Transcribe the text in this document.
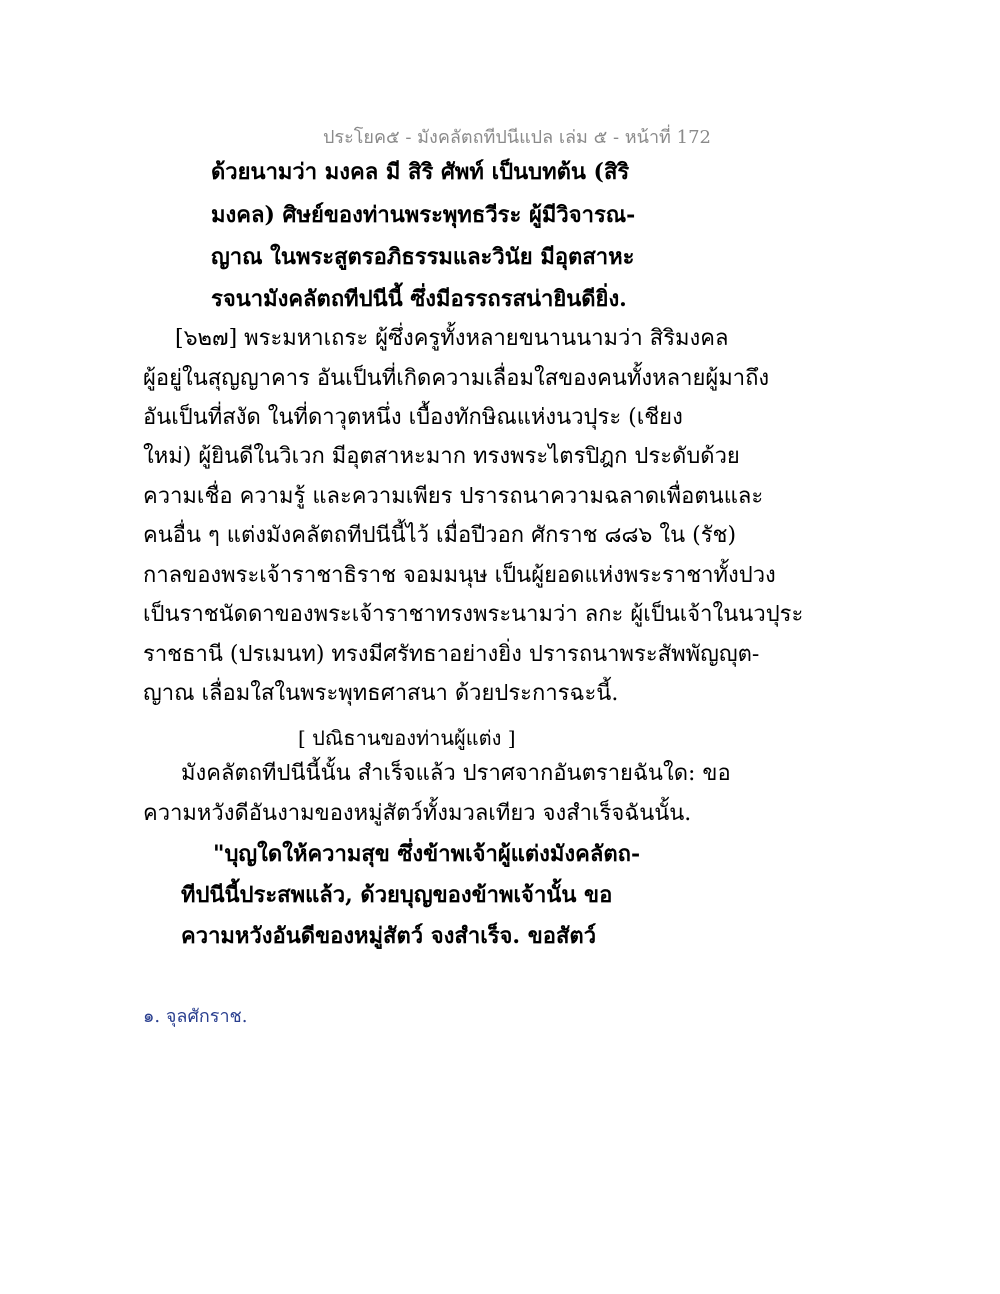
ประโยค๕ - มังคลัตถทีปนีแปล เล่ม ๕ - หน้าที่ 172
ด้วยนามว่า มงคล มี สิริ ศัพท์ เป็นบทต้น (สิริ
มงคล) ศิษย์ของท่านพระพุทธวีระ ผู้มีวิจารณ-
ญาณ ในพระสูตรอภิธรรมและวินัย มีอุตสาหะ
รจนามังคลัตถทีปนีนี้ ซึ่งมีอรรถรสน่ายินดียิ่ง.
[๖๒๗] พระมหาเถระ ผู้ซึ่งครูทั้งหลายขนานนามว่า สิริมงคล
ผู้อยู่ในสุญญาคาร อันเป็นที่เกิดความเลื่อมใสของคนทั้งหลายผู้มาถึง
อันเป็นที่สงัด ในที่ดาวุตหนึ่ง เบื้องทักษิณแห่งนวปุระ (เชียง
ใหม่) ผู้ยินดีในวิเวก มีอุตสาหะมาก ทรงพระไตรปิฎก ประดับด้วย
ความเชื่อ ความรู้ และความเพียร ปรารถนาความฉลาดเพื่อตนและ
คนอื่น ๆ แต่งมังคลัตถทีปนีนี้ไว้ เมื่อปีวอก ศักราช ๘๘๖ ใน (รัช)
กาลของพระเจ้าราชาธิราช จอมมนุษ เป็นผู้ยอดแห่งพระราชาทั้งปวง
เป็นราชนัดดาของพระเจ้าราชาทรงพระนามว่า ลกะ ผู้เป็นเจ้าในนวปุระ
ราชธานี (ปรเมนท) ทรงมีศรัทธาอย่างยิ่ง ปรารถนาพระสัพพัญญุต-
ญาณ เลื่อมใสในพระพุทธศาสนา ด้วยประการฉะนี้.
[ ปณิธานของท่านผู้แต่ง ]
มังคลัตถทีปนีนี้นั้น สำเร็จแล้ว ปราศจากอันตรายฉันใด: ขอ
ความหวังดีอันงามของหมู่สัตว์ทั้งมวลเทียว จงสำเร็จฉันนั้น.
"บุญใดให้ความสุข ซึ่งข้าพเจ้าผู้แต่งมังคลัตถ-
ทีปนีนี้ประสพแล้ว, ด้วยบุญของข้าพเจ้านั้น ขอ
ความหวังอันดีของหมู่สัตว์ จงสำเร็จ. ขอสัตว์
๑. จุลศักราช.
